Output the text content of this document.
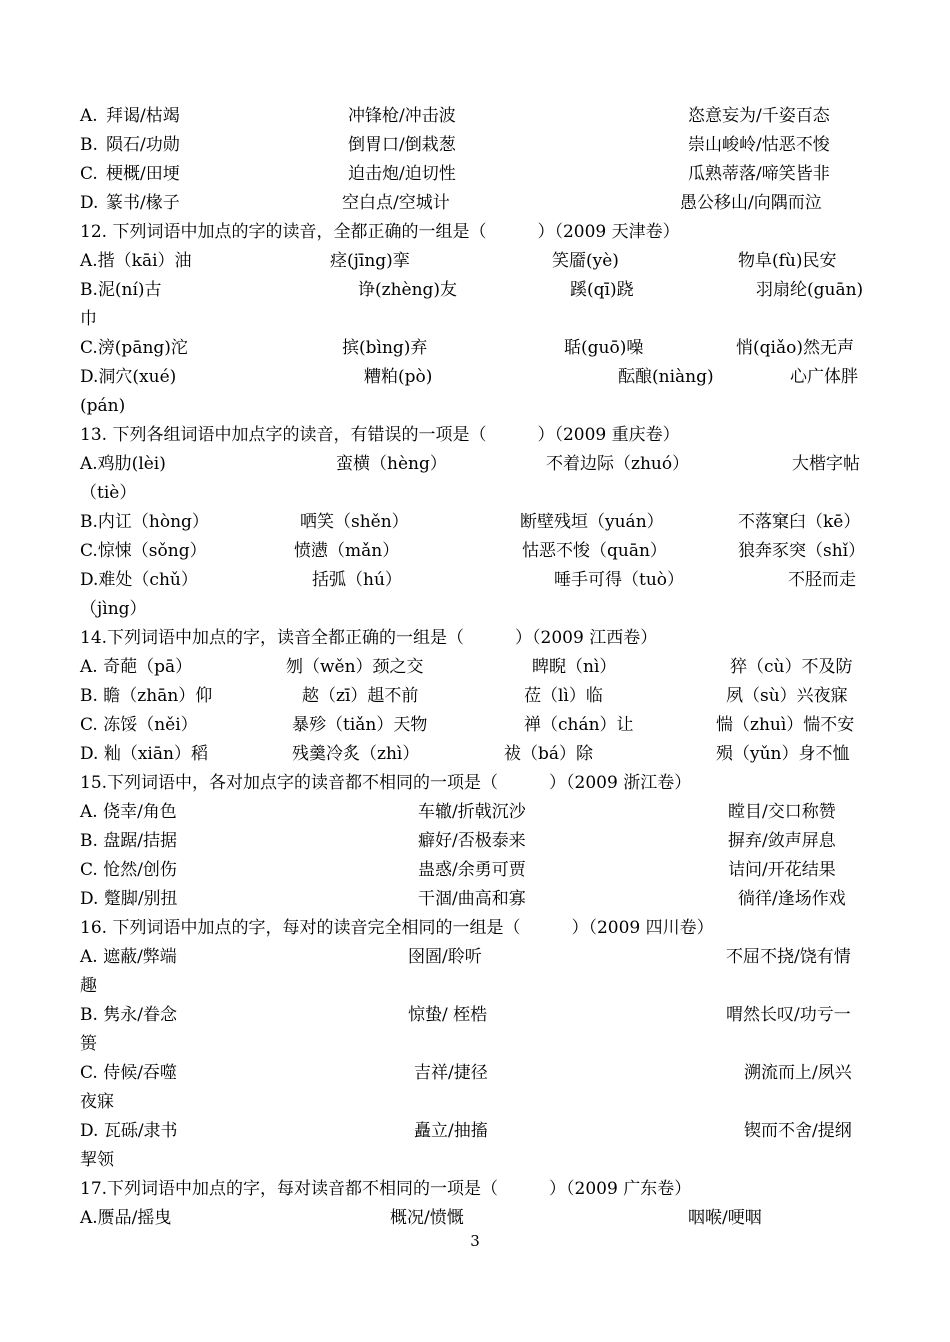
A. 拜谒/枯竭	冲锋枪/冲击波	恣意妄为/千姿百态
B. 陨石/功勋	倒胃口/倒栽葱	崇山峻岭/怙恶不悛
C. 梗概/田埂	迫击炮/迫切性	瓜熟蒂落/啼笑皆非
D. 篆书/椽子	空白点/空城计	愚公移山/向隅而泣
12. 下列词语中加点的字的读音，全都正确的一组是（　　　）（2009 天津卷）
A.揩（kāi）油	痉(jīng)挛	笑靥(yè)	物阜(fù)民安
B.泥(ní)古	诤(zhèng)友	蹊(qī)跷	羽扇纶(guān)
巾
C.滂(pāng)沱	摈(bìng)弃	聒(guō)噪	悄(qiǎo)然无声
D.洞穴(xué)	糟粕(pò)	酝酿(niàng)	心广体胖
(pán)
13. 下列各组词语中加点字的读音，有错误的一项是（　　　）（2009 重庆卷）
A.鸡肋(lèi)	蛮横（hèng）	不着边际（zhuó）	大楷字帖
（tiè）
B.内讧（hòng）	哂笑（shěn）	断壁残垣（yuán）	不落窠臼（kē）
C.惊悚（sǒng）	愤懑（mǎn）	怙恶不悛（quān）	狼奔豕突（shǐ）
D.难处（chǔ）	括弧（hú）	唾手可得（tuò）	不胫而走
（jìng）
14.下列词语中加点的字，读音全都正确的一组是（　　　）（2009 江西卷）
A. 奇葩（pā）	刎（wěn）颈之交	睥睨（nì）	猝（cù）不及防
B. 瞻（zhān）仰	趑（zī）趄不前	莅（lì）临	夙（sù）兴夜寐
C. 冻馁（něi）	暴殄（tiǎn）天物	禅（chán）让	惴（zhuì）惴不安
D. 籼（xiān）稻	残羹冷炙（zhì）	祓（bá）除	殒（yǔn）身不恤
15.下列词语中，各对加点字的读音都不相同的一项是（　　　）（2009 浙江卷）
A. 侥幸/角色	车辙/折戟沉沙	瞠目/交口称赞
B. 盘踞/拮据	癖好/否极泰来	摒弃/敛声屏息
C. 怆然/创伤	蛊惑/余勇可贾	诘问/开花结果
D. 蹩脚/别扭	干涸/曲高和寡	徜徉/逢场作戏
16. 下列词语中加点的字，每对的读音完全相同的一组是（　　　）（2009 四川卷）
A. 遮蔽/弊端	囹圄/聆听	不屈不挠/饶有情
趣
B. 隽永/眷念	惊蛰/ 桎梏	喟然长叹/功亏一
篑
C. 侍候/吞噬	吉祥/捷径	溯流而上/夙兴
夜寐
D. 瓦砾/隶书	矗立/抽搐	锲而不舍/提纲
挈领
17.下列词语中加点的字，每对读音都不相同的一项是（　　　）（2009 广东卷）
A.赝品/摇曳	概况/愤慨	咽喉/哽咽
3
